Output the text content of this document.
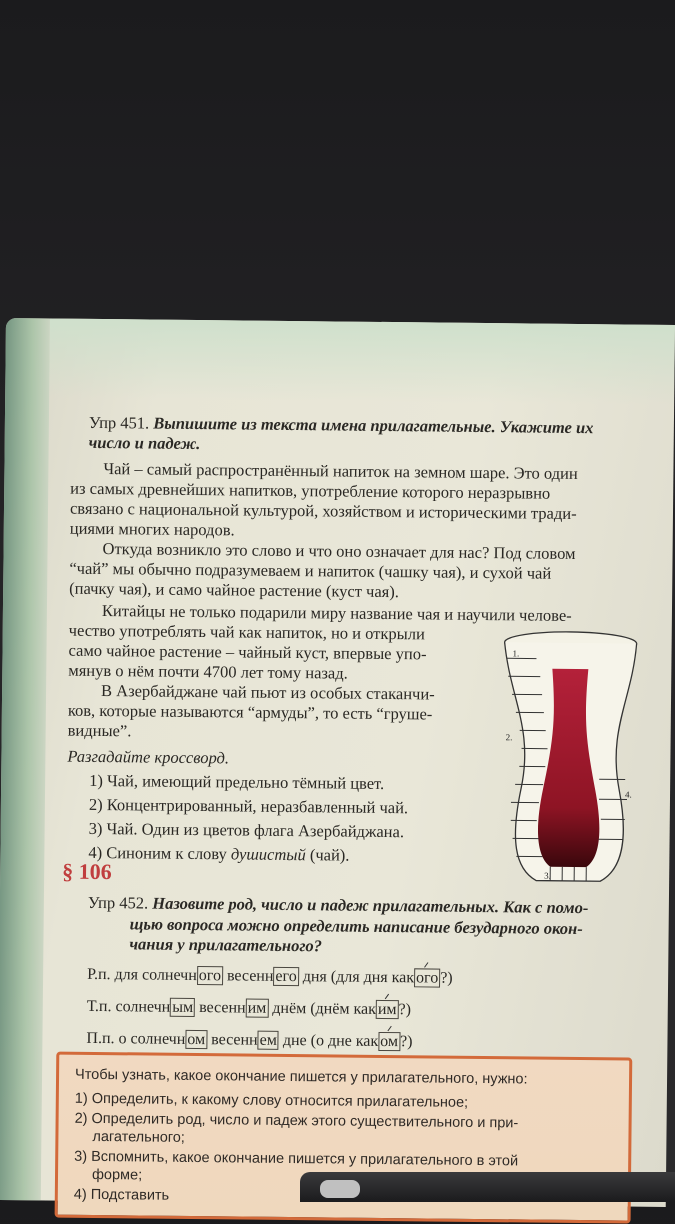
Упр 451. Выпишите из текста имена прилагательные. Укажите их
число и падеж.
Чай – самый распространённый напиток на земном шаре. Это один
из самых древнейших напитков, употребление которого неразрывно
связано с национальной культурой, хозяйством и историческими тради-
циями многих народов.
Откуда возникло это слово и что оно означает для нас? Под словом
“чай” мы обычно подразумеваем и напиток (чашку чая), и сухой чай
(пачку чая), и само чайное растение (куст чая).
Китайцы не только подарили миру название чая и научили челове-
чество употреблять чай как напиток, но и открыли
само чайное растение – чайный куст, впервые упо-
мянув о нём почти 4700 лет тому назад.
В Азербайджане чай пьют из особых стаканчи-
ков, которые называются “армуды”, то есть “груше-
видные”.
Разгадайте кроссворд.
1) Чай, имеющий предельно тёмный цвет.
2) Концентрированный, неразбавленный чай.
3) Чай. Один из цветов флага Азербайджана.
4) Синоним к слову душистый (чай).
1.
2.
3.
4.
§ 106
Упр 452. Назовите род, число и падеж прилагательных. Как с помо-
щью вопроса можно определить написание безударного окон-
чания у прилагательного?
Р.п. для солнечн ого весенн его дня (для дня как ого ?)
Т.п. солнечн ым весенн им днём (днём как им ?)
П.п. о солнечн ом весенн ем дне (о дне как ом ?)
Чтобы узнать, какое окончание пишется у прилагательного, нужно:
1) Определить, к какому слову относится прилагательное;
2) Определить род, число и падеж этого существительного и при-
лагательного;
3) Вспомнить, какое окончание пишется у прилагательного в этой
форме;
4) Подставить
